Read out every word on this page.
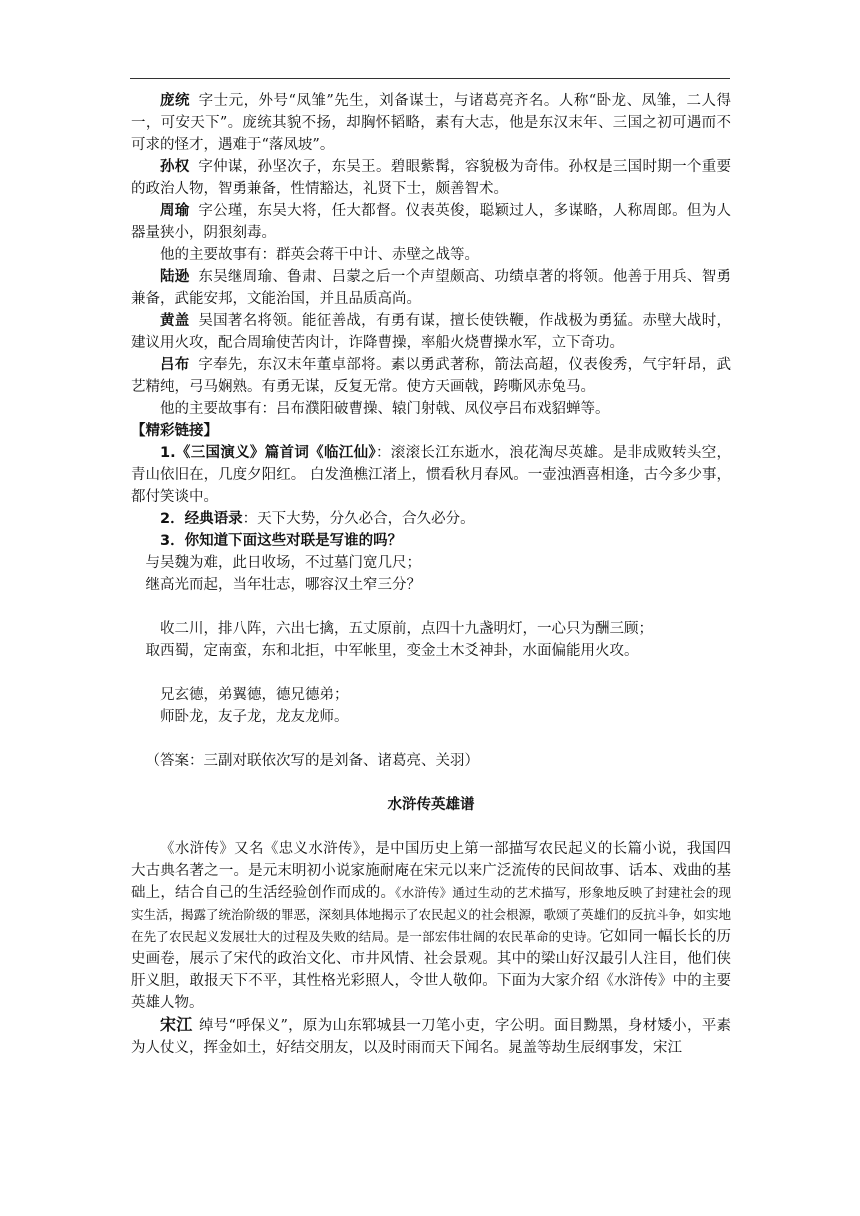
庞统 字士元，外号“凤雏”先生，刘备谋士，与诸葛亮齐名。人称“卧龙、凤雏，二人得一，可安天下”。庞统其貌不扬，却胸怀韬略，素有大志，他是东汉末年、三国之初可遇而不可求的怪才，遇难于“落凤坡”。

孙权 字仲谋，孙坚次子，东吴王。碧眼紫髯，容貌极为奇伟。孙权是三国时期一个重要的政治人物，智勇兼备，性情豁达，礼贤下士，颇善智术。

周瑜 字公瑾，东吴大将，任大都督。仪表英俊，聪颖过人，多谋略，人称周郎。但为人器量狭小，阴狠刻毒。

他的主要故事有：群英会蒋干中计、赤壁之战等。

陆逊 东吴继周瑜、鲁肃、吕蒙之后一个声望颇高、功绩卓著的将领。他善于用兵、智勇兼备，武能安邦，文能治国，并且品质高尚。

黄盖 吴国著名将领。能征善战，有勇有谋，擅长使铁鞭，作战极为勇猛。赤壁大战时，建议用火攻，配合周瑜使苦肉计，诈降曹操，率船火烧曹操水军，立下奇功。

吕布 字奉先，东汉末年董卓部将。素以勇武著称，箭法高超，仪表俊秀，气宇轩昂，武艺精纯，弓马娴熟。有勇无谋，反复无常。使方天画戟，跨嘶风赤兔马。

他的主要故事有：吕布濮阳破曹操、辕门射戟、凤仪亭吕布戏貂蝉等。

【精彩链接】

1.《三国演义》篇首词《临江仙》：滚滚长江东逝水，浪花淘尽英雄。是非成败转头空，青山依旧在，几度夕阳红。 白发渔樵江渚上，惯看秋月春风。一壶浊酒喜相逢，古今多少事，都付笑谈中。

2．经典语录：天下大势，分久必合，合久必分。

3．你知道下面这些对联是写谁的吗？

与吴魏为难，此日收场，不过墓门宽几尺；

继高光而起，当年壮志，哪容汉土窄三分？

收二川，排八阵，六出七擒，五丈原前，点四十九盏明灯，一心只为酬三顾；

取西蜀，定南蛮，东和北拒，中军帐里，变金土木爻神卦，水面偏能用火攻。

兄玄德，弟翼德，德兄德弟；

师卧龙，友子龙，龙友龙师。

（答案：三副对联依次写的是刘备、诸葛亮、关羽）

水浒传英雄谱

《水浒传》又名《忠义水浒传》，是中国历史上第一部描写农民起义的长篇小说，我国四大古典名著之一。是元末明初小说家施耐庵在宋元以来广泛流传的民间故事、话本、戏曲的基础上，结合自己的生活经验创作而成的。《水浒传》通过生动的艺术描写，形象地反映了封建社会的现实生活，揭露了统治阶级的罪恶，深刻具体地揭示了农民起义的社会根源，歌颂了英雄们的反抗斗争，如实地在先了农民起义发展壮大的过程及失败的结局。是一部宏伟壮阔的农民革命的史诗。它如同一幅长长的历史画卷，展示了宋代的政治文化、市井风情、社会景观。其中的梁山好汉最引人注目，他们侠肝义胆，敢报天下不平，其性格光彩照人，令世人敬仰。下面为大家介绍《水浒传》中的主要英雄人物。

宋江 绰号“呼保义”，原为山东郓城县一刀笔小吏，字公明。面目黝黑，身材矮小，平素为人仗义，挥金如土，好结交朋友，以及时雨而天下闻名。晁盖等劫生辰纲事发，宋江
